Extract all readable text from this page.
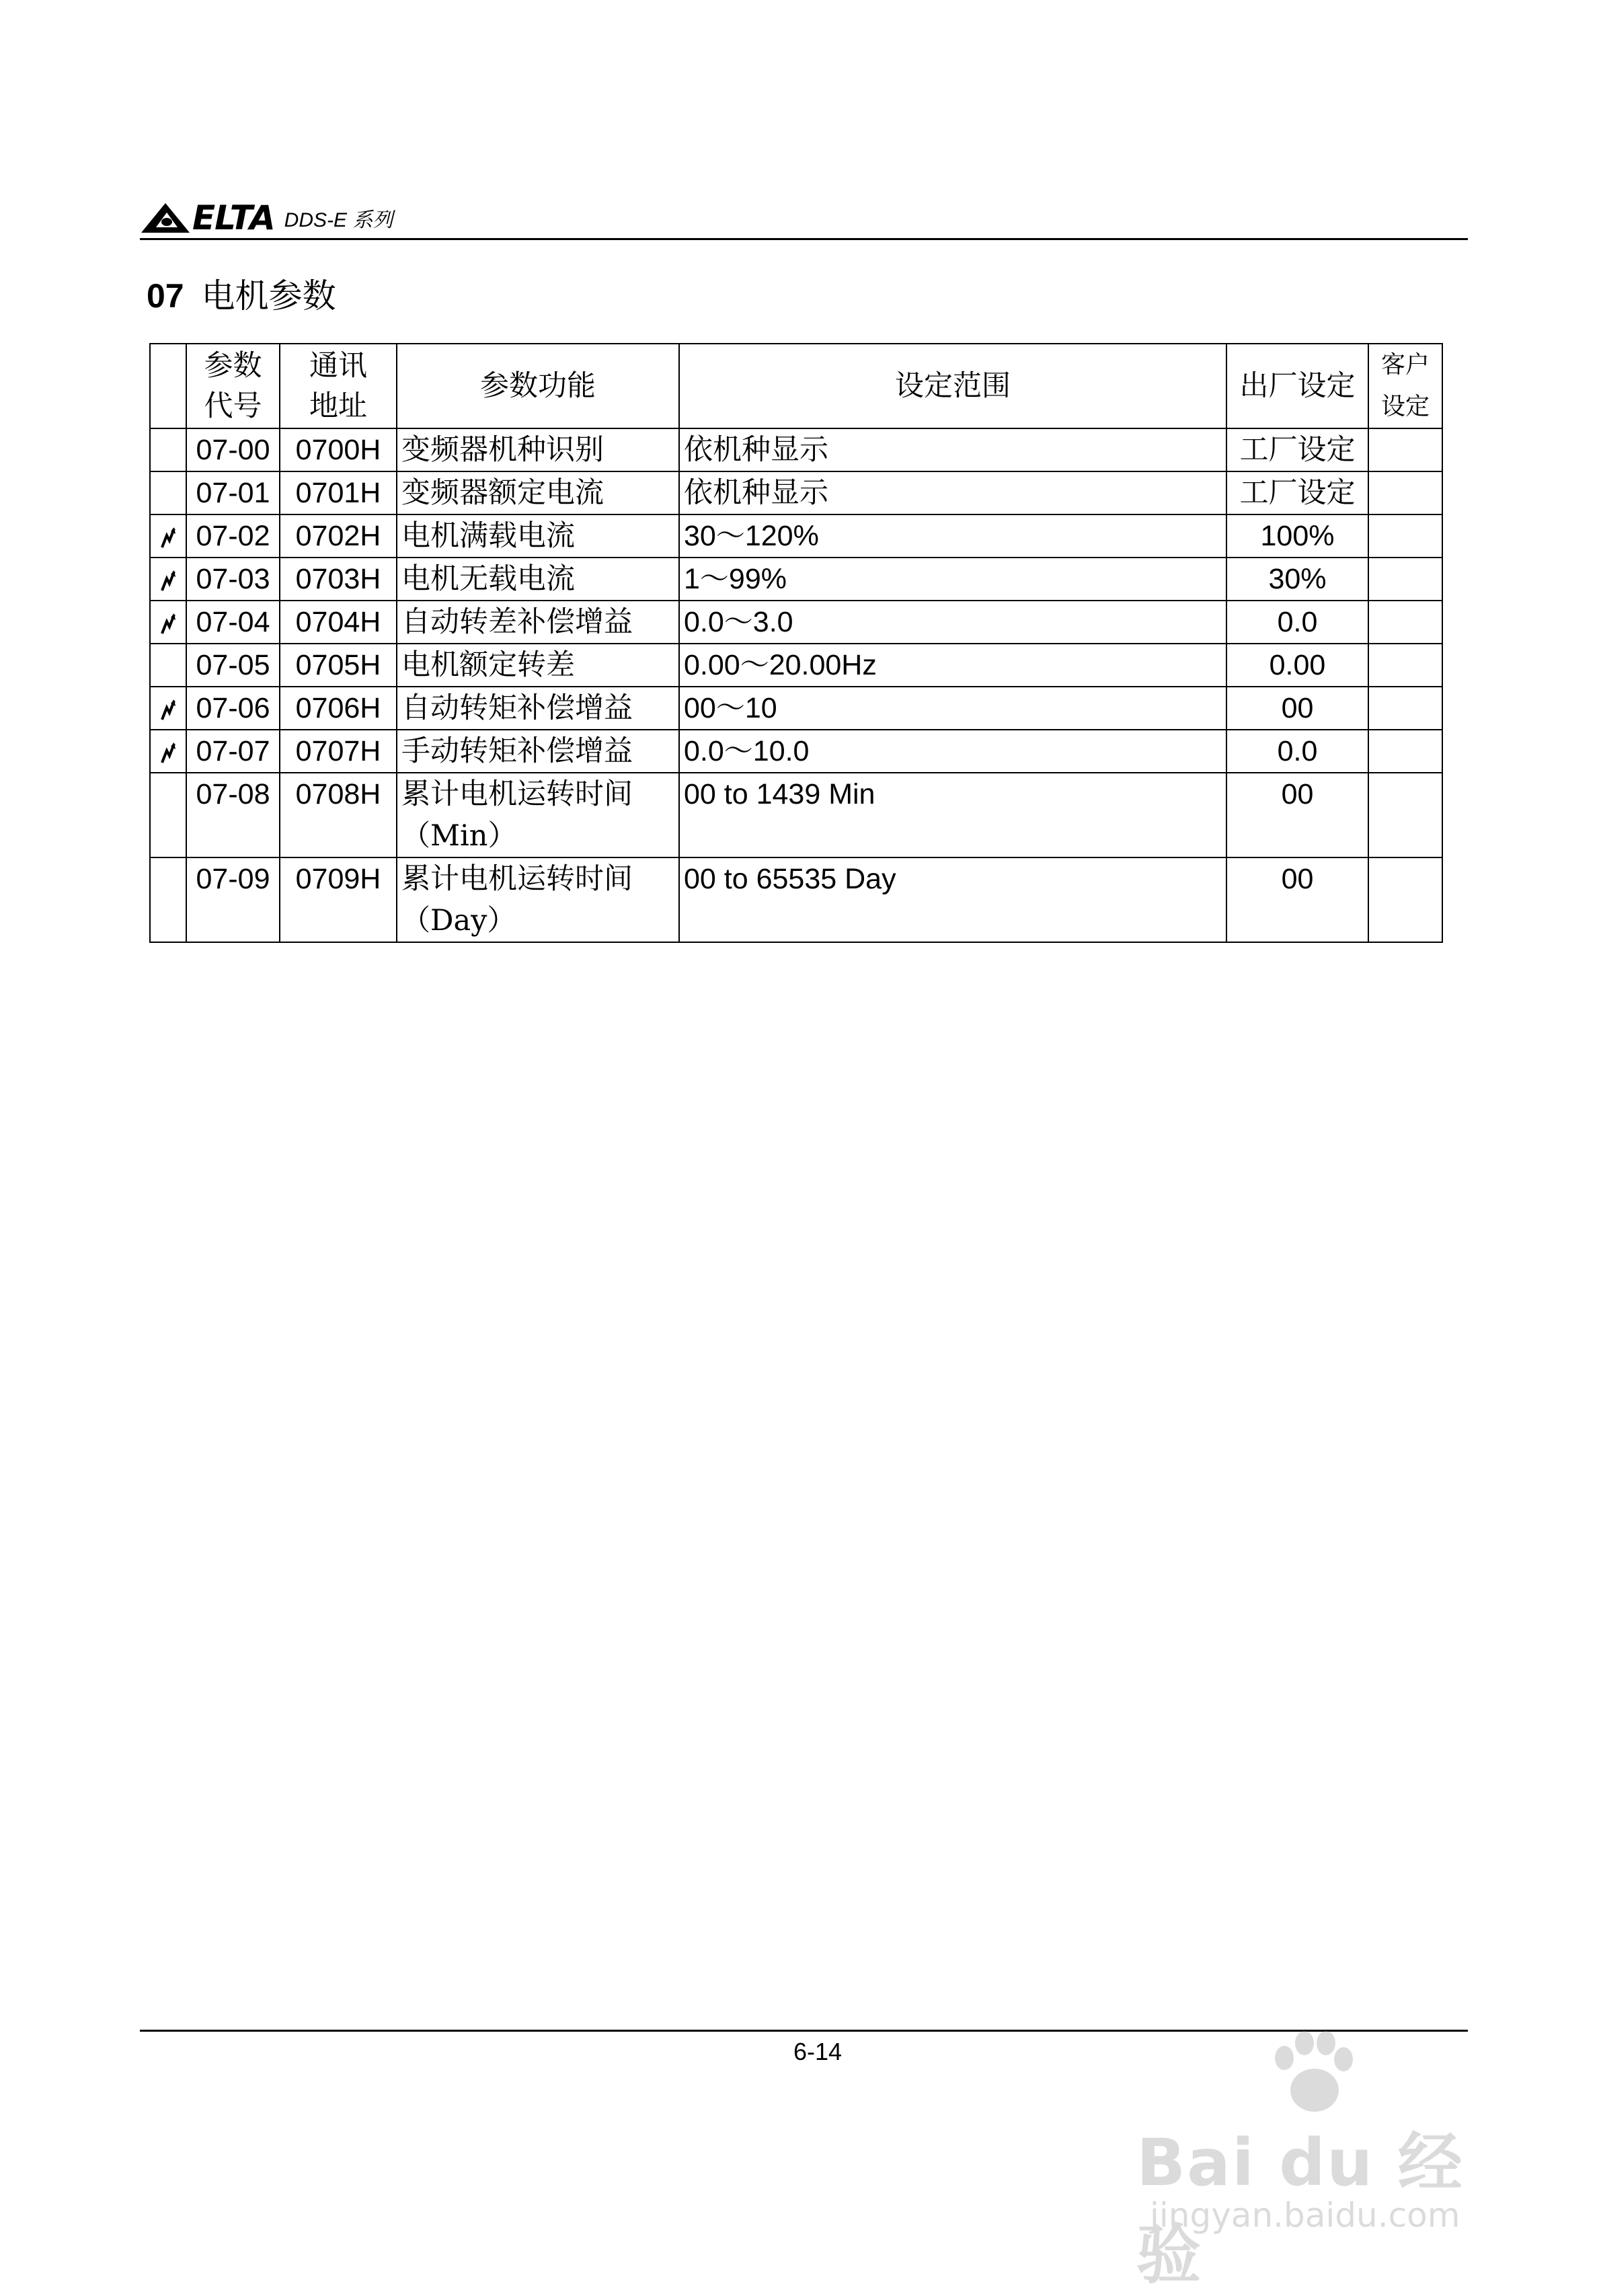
ELTA DDS-E 系列
07 电机参数
	参数代号	通讯地址	参数功能	设定范围	出厂设定	客户设定
	07-00	0700H	变频器机种识别	依机种显示	工厂设定	
	07-01	0701H	变频器额定电流	依机种显示	工厂设定	
	07-02	0702H	电机满载电流	30～120%	100%	
	07-03	0703H	电机无载电流	1～99%	30%	
	07-04	0704H	自动转差补偿增益	0.0～3.0	0.0	
	07-05	0705H	电机额定转差	0.00～20.00Hz	0.00	
	07-06	0706H	自动转矩补偿增益	00～10	00	
	07-07	0707H	手动转矩补偿增益	0.0～10.0	0.0	
	07-08	0708H	累计电机运转时间（Min）	00 to 1439 Min	00	
	07-09	0709H	累计电机运转时间（Day）	00 to 65535 Day	00	
6-14
Bai du 经验
jingyan.baidu.com
